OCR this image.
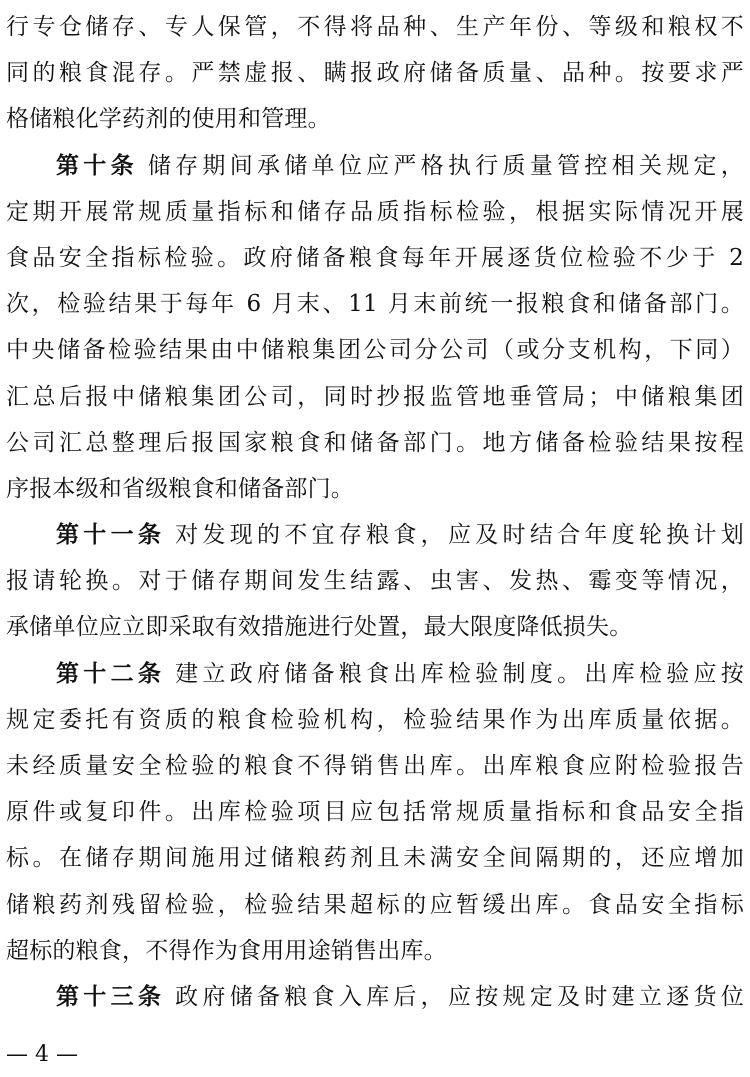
行专仓储存、专人保管，不得将品种、生产年份、等级和粮权不
同的粮食混存。严禁虚报、瞒报政府储备质量、品种。按要求严
格储粮化学药剂的使用和管理。
第十条 储存期间承储单位应严格执行质量管控相关规定，
定期开展常规质量指标和储存品质指标检验，根据实际情况开展
食品安全指标检验。政府储备粮食每年开展逐货位检验不少于 2
次，检验结果于每年 6 月末、11 月末前统一报粮食和储备部门。
中央储备检验结果由中储粮集团公司分公司（或分支机构，下同）
汇总后报中储粮集团公司，同时抄报监管地垂管局；中储粮集团
公司汇总整理后报国家粮食和储备部门。地方储备检验结果按程
序报本级和省级粮食和储备部门。
第十一条 对发现的不宜存粮食，应及时结合年度轮换计划
报请轮换。对于储存期间发生结露、虫害、发热、霉变等情况，
承储单位应立即采取有效措施进行处置，最大限度降低损失。
第十二条 建立政府储备粮食出库检验制度。出库检验应按
规定委托有资质的粮食检验机构，检验结果作为出库质量依据。
未经质量安全检验的粮食不得销售出库。出库粮食应附检验报告
原件或复印件。出库检验项目应包括常规质量指标和食品安全指
标。在储存期间施用过储粮药剂且未满安全间隔期的，还应增加
储粮药剂残留检验，检验结果超标的应暂缓出库。食品安全指标
超标的粮食，不得作为食用用途销售出库。
第十三条 政府储备粮食入库后，应按规定及时建立逐货位
— 4 —
